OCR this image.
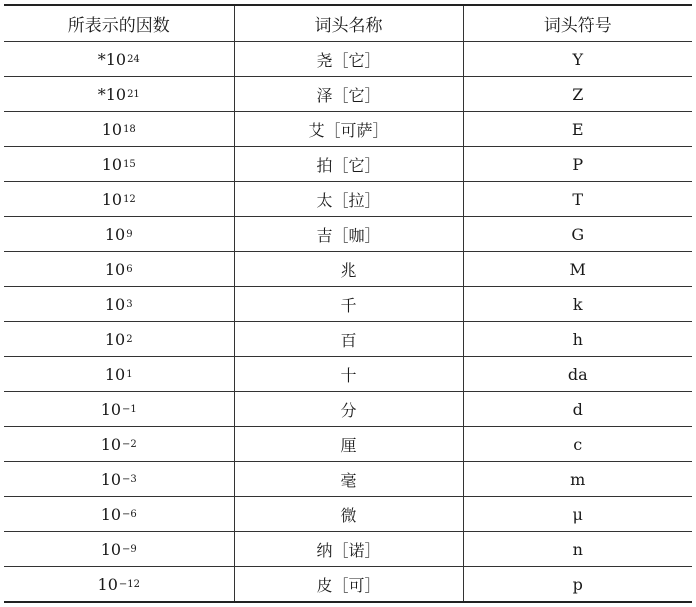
所表示的因数	词头名称	词头符号
$*10^{24}$	尧［它］	Y
$*10^{21}$	泽［它］	Z
$10^{18}$	艾［可萨］	E
$10^{15}$	拍［它］	P
$10^{12}$	太［拉］	T
$10^9$	吉［咖］	G
$10^6$	兆	M
$10^3$	千	k
$10^2$	百	h
$10^1$	十	da
$10^{-1}$	分	d
$10^{-2}$	厘	c
$10^{-3}$	毫	m
$10^{-6}$	微	μ
$10^{-9}$	纳［诺］	n
$10^{-12}$	皮［可］	p
